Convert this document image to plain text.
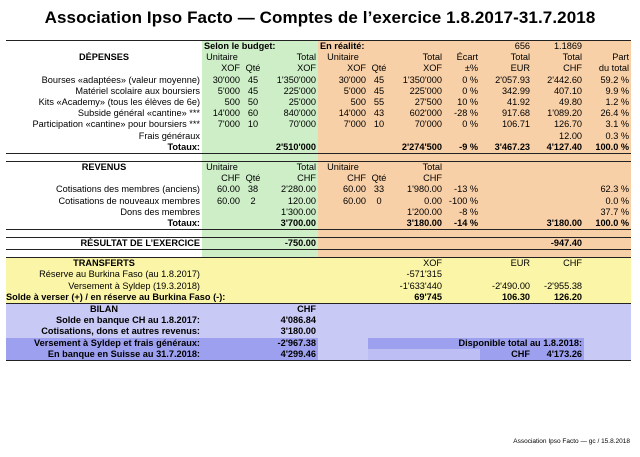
Association Ipso Facto — Comptes de l’exercice 1.8.2017-31.7.2018
	Selon le budget:			En réalité:				656	1.1869	
DÉPENSES	Unitaire		Total	Unitaire		Total	Écart	Total	Total	Part
	XOF	Qté	XOF	XOF	Qté	XOF	±%	EUR	CHF	du total
Bourses «adaptées» (valeur moyenne)	30'000	45	1'350'000	30'000	45	1'350'000	0 %	2'057.93	2'442.60	59.2 %
Matériel scolaire aux boursiers	5'000	45	225'000	5'000	45	225'000	0 %	342.99	407.10	9.9 %
Kits «Academy» (tous les élèves de 6e)	500	50	25'000	500	55	27'500	10 %	41.92	49.80	1.2 %
Subside général «cantine» ***	14'000	60	840'000	14'000	43	602'000	-28 %	917.68	1'089.20	26.4 %
Participation «cantine» pour boursiers ***	7'000	10	70'000	7'000	10	70'000	0 %	106.71	126.70	3.1 %
Frais généraux									12.00	0.3 %
Totaux:			2'510'000			2'274'500	-9 %	3'467.23	4'127.40	100.0 %

REVENUS	Unitaire		Total	Unitaire		Total				
	CHF	Qté	CHF	CHF	Qté	CHF				
Cotisations des membres (anciens)	60.00	38	2'280.00	60.00	33	1'980.00	-13 %			62.3 %
Cotisations de nouveaux membres	60.00	2	120.00	60.00	0	0.00	-100 %			0.0 %
Dons des membres			1'300.00			1'200.00	-8 %			37.7 %
Totaux:			3'700.00			3'180.00	-14 %		3'180.00	100.0 %

RÉSULTAT DE L’EXERCICE			-750.00						-947.40	

TRANSFERTS						XOF		EUR	CHF	
Réserve au Burkina Faso (au 1.8.2017)						-571'315				
Versement à Syldep (19.3.2018)						-1'633'440		-2'490.00	-2'955.38	
Solde à verser (+) / en réserve au Burkina Faso (-):						69'745		106.30	126.20	
BILAN			CHF							
Solde en banque CH au 1.8.2017:			4'086.84							
Cotisations, dons et autres revenus:			3'180.00							
Versement à Syldep et frais généraux:			-2'967.38		Disponible total au 1.8.2018:					
En banque en Suisse au 31.7.2018:			4'299.46					CHF	4'173.26	
Association Ipso Facto — gc / 15.8.2018
